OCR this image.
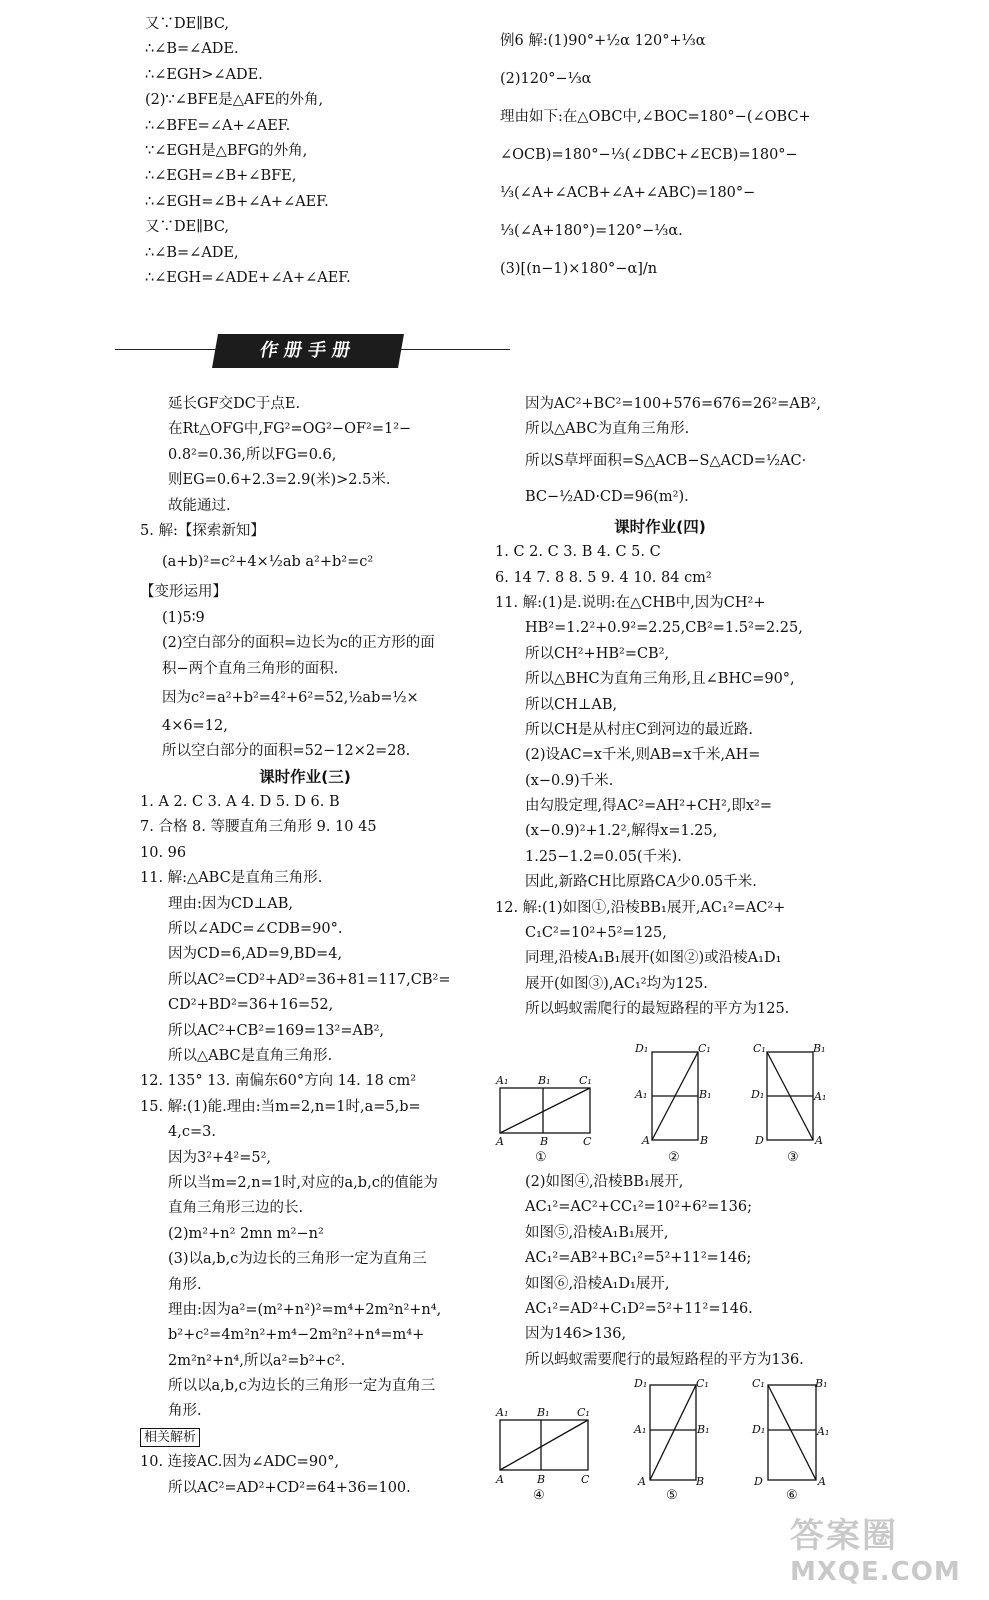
又∵DE∥BC,
∴∠B=∠ADE.
∴∠EGH>∠ADE.
(2)∵∠BFE是△AFE的外角,
∴∠BFE=∠A+∠AEF.
∵∠EGH是△BFG的外角,
∴∠EGH=∠B+∠BFE,
∴∠EGH=∠B+∠A+∠AEF.
又∵DE∥BC,
∴∠B=∠ADE,
∴∠EGH=∠ADE+∠A+∠AEF.
例6 解:(1)90°+½α 120°+⅓α
(2)120°−⅓α
理由如下:在△OBC中,∠BOC=180°−(∠OBC+
∠OCB)=180°−⅓(∠DBC+∠ECB)=180°−
⅓(∠A+∠ACB+∠A+∠ABC)=180°−
⅓(∠A+180°)=120°−⅓α.
(3)[(n−1)×180°−α]/n
作册手册
延长GF交DC于点E.
在Rt△OFG中,FG²=OG²−OF²=1²−
0.8²=0.36,所以FG=0.6,
则EG=0.6+2.3=2.9(米)>2.5米.
故能通过.
5. 解:【探索新知】
(a+b)²=c²+4×½ab a²+b²=c²
【变形运用】
(1)5∶9
(2)空白部分的面积=边长为c的正方形的面
积−两个直角三角形的面积.
因为c²=a²+b²=4²+6²=52,½ab=½×
4×6=12,
所以空白部分的面积=52−12×2=28.
课时作业(三)
1. A 2. C 3. A 4. D 5. D 6. B
7. 合格 8. 等腰直角三角形 9. 10 45
10. 96
11. 解:△ABC是直角三角形.
理由:因为CD⊥AB,
所以∠ADC=∠CDB=90°.
因为CD=6,AD=9,BD=4,
所以AC²=CD²+AD²=36+81=117,CB²=
CD²+BD²=36+16=52,
所以AC²+CB²=169=13²=AB²,
所以△ABC是直角三角形.
12. 135° 13. 南偏东60°方向 14. 18 cm²
15. 解:(1)能.理由:当m=2,n=1时,a=5,b=
4,c=3.
因为3²+4²=5²,
所以当m=2,n=1时,对应的a,b,c的值能为
直角三角形三边的长.
(2)m²+n² 2mn m²−n²
(3)以a,b,c为边长的三角形一定为直角三
角形.
理由:因为a²=(m²+n²)²=m⁴+2m²n²+n⁴,
b²+c²=4m²n²+m⁴−2m²n²+n⁴=m⁴+
2m²n²+n⁴,所以a²=b²+c².
所以以a,b,c为边长的三角形一定为直角三
角形.
相关解析
10. 连接AC.因为∠ADC=90°,
所以AC²=AD²+CD²=64+36=100.
因为AC²+BC²=100+576=676=26²=AB²,
所以△ABC为直角三角形.
所以S草坪面积=S△ACB−S△ACD=½AC·
BC−½AD·CD=96(m²).
课时作业(四)
1. C 2. C 3. B 4. C 5. C
6. 14 7. 8 8. 5 9. 4 10. 84 cm²
11. 解:(1)是.说明:在△CHB中,因为CH²+
HB²=1.2²+0.9²=2.25,CB²=1.5²=2.25,
所以CH²+HB²=CB²,
所以△BHC为直角三角形,且∠BHC=90°,
所以CH⊥AB,
所以CH是从村庄C到河边的最近路.
(2)设AC=x千米,则AB=x千米,AH=
(x−0.9)千米.
由勾股定理,得AC²=AH²+CH²,即x²=
(x−0.9)²+1.2²,解得x=1.25,
1.25−1.2=0.05(千米).
因此,新路CH比原路CA少0.05千米.
12. 解:(1)如图①,沿棱BB₁展开,AC₁²=AC²+
C₁C²=10²+5²=125,
同理,沿棱A₁B₁展开(如图②)或沿棱A₁D₁
展开(如图③),AC₁²均为125.
所以蚂蚁需爬行的最短路程的平方为125.
A₁	B₁	C₁
A	B	C
①
D₁	C₁
A₁	B₁
A	B
②
C₁	B₁
D₁	A₁
D	A
③
(2)如图④,沿棱BB₁展开,
AC₁²=AC²+CC₁²=10²+6²=136;
如图⑤,沿棱A₁B₁展开,
AC₁²=AB²+BC₁²=5²+11²=146;
如图⑥,沿棱A₁D₁展开,
AC₁²=AD²+C₁D²=5²+11²=146.
因为146>136,
所以蚂蚁需要爬行的最短路程的平方为136.
A₁	B₁	C₁
A	B	C
④
D₁	C₁
A₁	B₁
A	B
⑤
C₁	B₁
D₁	A₁
D	A
⑥
答案圈
MXQE.COM
